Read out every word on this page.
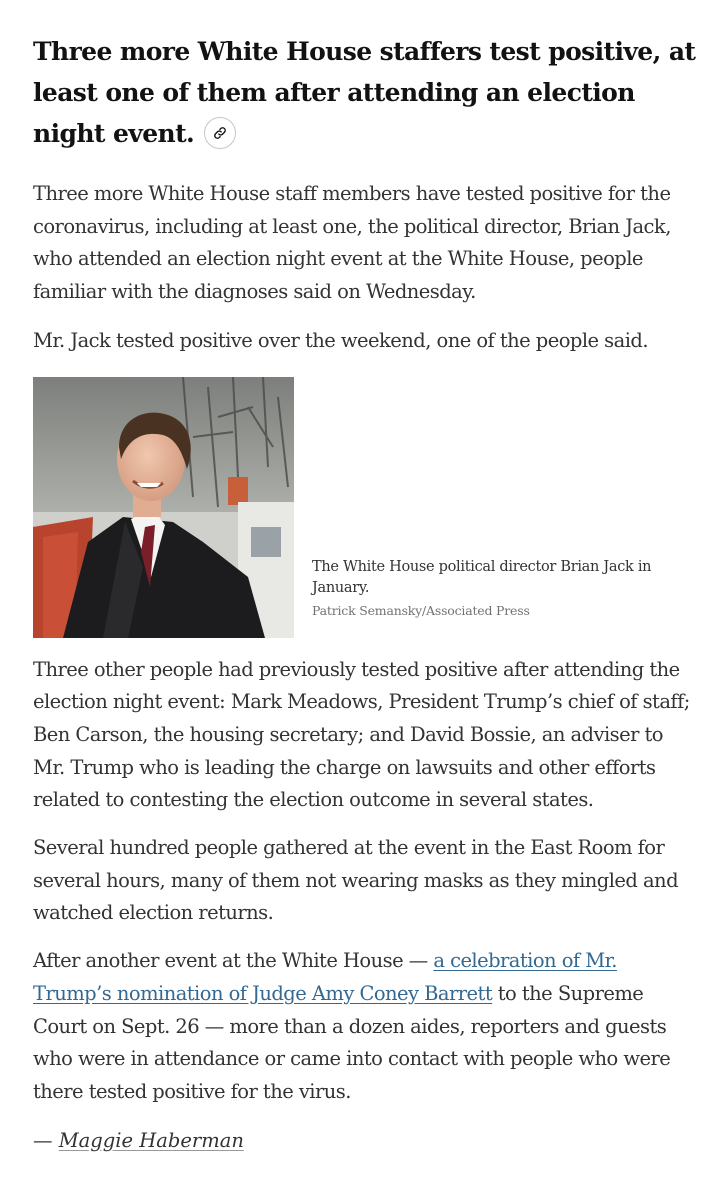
Three more White House staffers test positive, at least one of them after attending an election night event.

Three more White House staff members have tested positive for the coronavirus, including at least one, the political director, Brian Jack, who attended an election night event at the White House, people familiar with the diagnoses said on Wednesday.

Mr. Jack tested positive over the weekend, one of the people said.

The White House political director Brian Jack in January.
Patrick Semansky/Associated Press

Three other people had previously tested positive after attending the election night event: Mark Meadows, President Trump’s chief of staff; Ben Carson, the housing secretary; and David Bossie, an adviser to Mr. Trump who is leading the charge on lawsuits and other efforts related to contesting the election outcome in several states.

Several hundred people gathered at the event in the East Room for several hours, many of them not wearing masks as they mingled and watched election returns.

After another event at the White House — a celebration of Mr. Trump’s nomination of Judge Amy Coney Barrett to the Supreme Court on Sept. 26 — more than a dozen aides, reporters and guests who were in attendance or came into contact with people who were there tested positive for the virus.

— Maggie Haberman
